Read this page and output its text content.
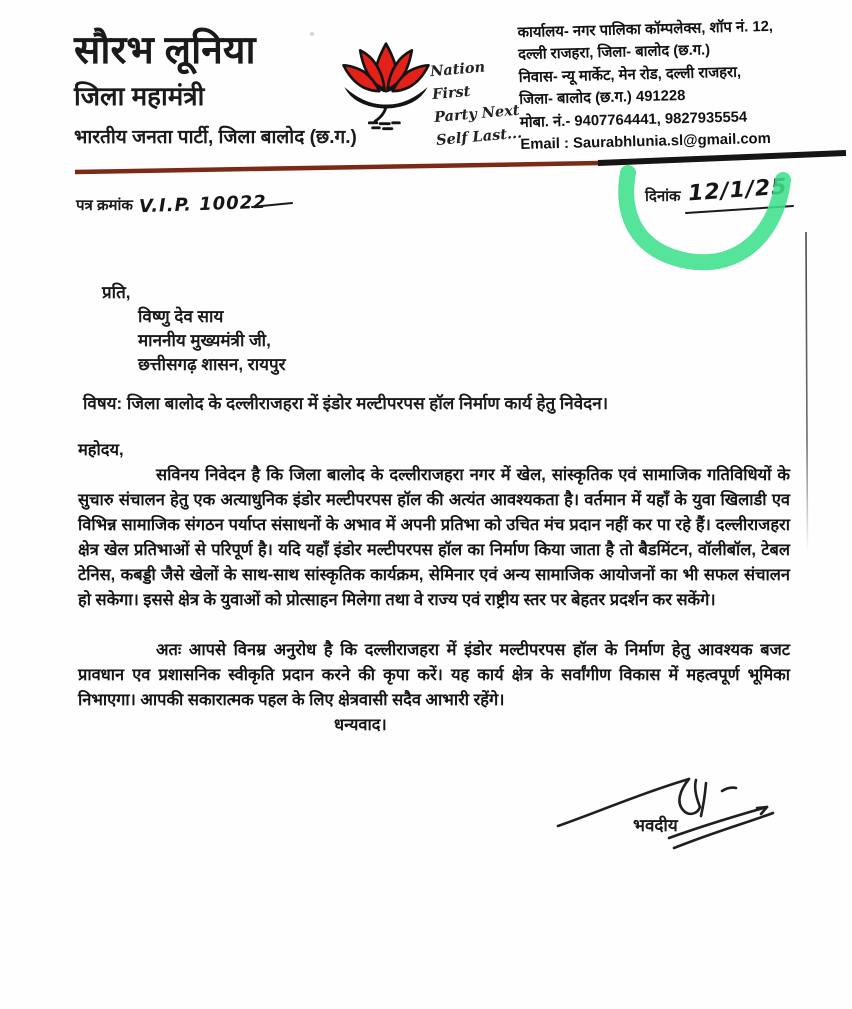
सौरभ लूनिया
जिला महामंत्री
भारतीय जनता पार्टी, जिला बालोद (छ.ग.)
Nation First
Party Next
Self Last...
कार्यालय- नगर पालिका कॉम्पलेक्स, शॉप नं. 12,
दल्ली राजहरा, जिला- बालोद (छ.ग.)
निवास- न्यू मार्केट, मेन रोड, दल्ली राजहरा,
जिला- बालोद (छ.ग.) 491228
मोबा. नं.- 9407764441, 9827935554
Email : Saurabhlunia.sl@gmail.com
पत्र क्रमांक V.I.P. 10022	दिनांक 12/1/25
प्रति,
विष्णु देव साय
माननीय मुख्यमंत्री जी,
छत्तीसगढ़ शासन, रायपुर
विषय: जिला बालोद के दल्लीराजहरा में इंडोर मल्टीपरपस हॉल निर्माण कार्य हेतु निवेदन।
महोदय,

सविनय निवेदन है कि जिला बालोद के दल्लीराजहरा नगर में खेल, सांस्कृतिक एवं सामाजिक गतिविधियों के सुचारु संचालन हेतु एक अत्याधुनिक इंडोर मल्टीपरपस हॉल की अत्यंत आवश्यकता है। वर्तमान में यहाँ के युवा खिलाडी एव विभिन्न सामाजिक संगठन पर्याप्त संसाधनों के अभाव में अपनी प्रतिभा को उचित मंच प्रदान नहीं कर पा रहे हैं। दल्लीराजहरा क्षेत्र खेल प्रतिभाओं से परिपूर्ण है। यदि यहाँ इंडोर मल्टीपरपस हॉल का निर्माण किया जाता है तो बैडमिंटन, वॉलीबॉल, टेबल टेनिस, कबड्डी जैसे खेलों के साथ-साथ सांस्कृतिक कार्यक्रम, सेमिनार एवं अन्य सामाजिक आयोजनों का भी सफल संचालन हो सकेगा। इससे क्षेत्र के युवाओं को प्रोत्साहन मिलेगा तथा वे राज्य एवं राष्ट्रीय स्तर पर बेहतर प्रदर्शन कर सकेंगे।

अतः आपसे विनम्र अनुरोध है कि दल्लीराजहरा में इंडोर मल्टीपरपस हॉल के निर्माण हेतु आवश्यक बजट प्रावधान एव प्रशासनिक स्वीकृति प्रदान करने की कृपा करें। यह कार्य क्षेत्र के सर्वांगीण विकास में महत्वपूर्ण भूमिका निभाएगा। आपकी सकारात्मक पहल के लिए क्षेत्रवासी सदैव आभारी रहेंगे।

धन्यवाद।
भवदीय
